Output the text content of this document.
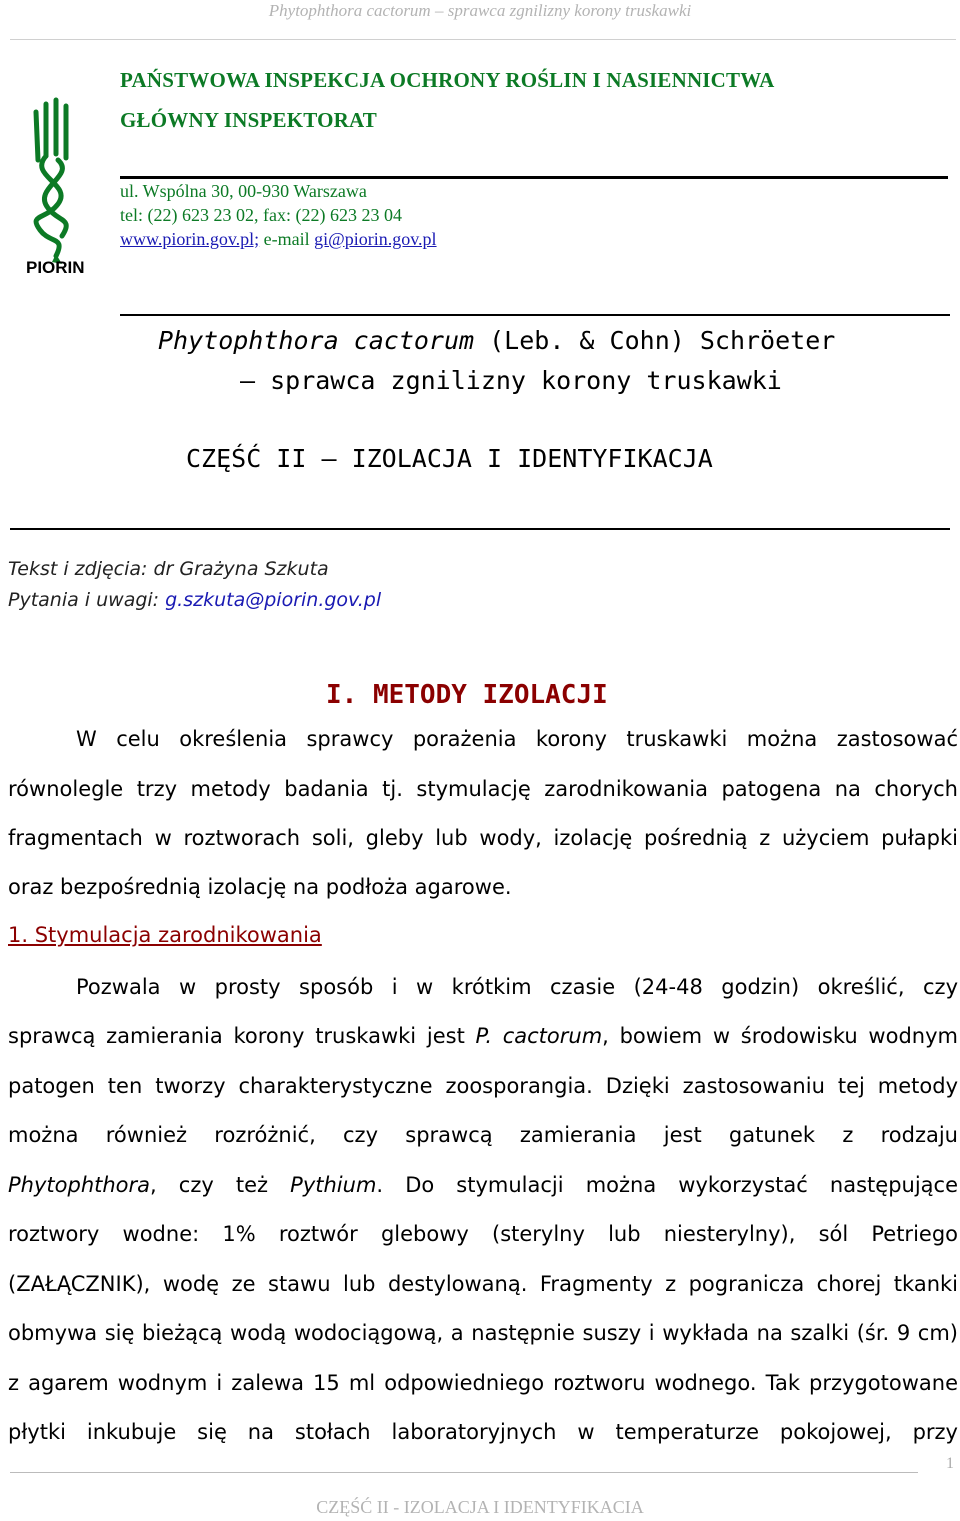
Phytophthora cactorum – sprawca zgnilizny korony truskawki
PIORIN
PAŃSTWOWA INSPEKCJA OCHRONY ROŚLIN I NASIENNICTWA
GŁÓWNY INSPEKTORAT
ul. Wspólna 30, 00-930 Warszawa
tel: (22) 623 23 02, fax: (22) 623 23 04
www.piorin.gov.pl; e-mail gi@piorin.gov.pl
Phytophthora cactorum (Leb. & Cohn) Schröeter
– sprawca zgnilizny korony truskawki
CZĘŚĆ II – IZOLACJA I IDENTYFIKACJA
Tekst i zdjęcia: dr Grażyna Szkuta
Pytania i uwagi: g.szkuta@piorin.gov.pl
I. METODY IZOLACJI
W celu określenia sprawcy porażenia korony truskawki można zastosować
równolegle trzy metody badania tj. stymulację zarodnikowania patogena na chorych
fragmentach w roztworach soli, gleby lub wody, izolację pośrednią z użyciem pułapki
oraz bezpośrednią izolację na podłoża agarowe.
1. Stymulacja zarodnikowania
Pozwala w prosty sposób i w krótkim czasie (24-48 godzin) określić, czy
sprawcą zamierania korony truskawki jest P. cactorum, bowiem w środowisku wodnym
patogen ten tworzy charakterystyczne zoosporangia. Dzięki zastosowaniu tej metody
można również rozróżnić, czy sprawcą zamierania jest gatunek z rodzaju
Phytophthora, czy też Pythium. Do stymulacji można wykorzystać następujące
roztwory wodne: 1% roztwór glebowy (sterylny lub niesterylny), sól Petriego
(ZAŁĄCZNIK), wodę ze stawu lub destylowaną. Fragmenty z pogranicza chorej tkanki
obmywa się bieżącą wodą wodociągową, a następnie suszy i wykłada na szalki (śr. 9 cm)
z agarem wodnym i zalewa 15 ml odpowiedniego roztworu wodnego. Tak przygotowane
płytki inkubuje się na stołach laboratoryjnych w temperaturze pokojowej, przy
1
CZĘŚĆ II - IZOLACJA I IDENTYFIKACIA
